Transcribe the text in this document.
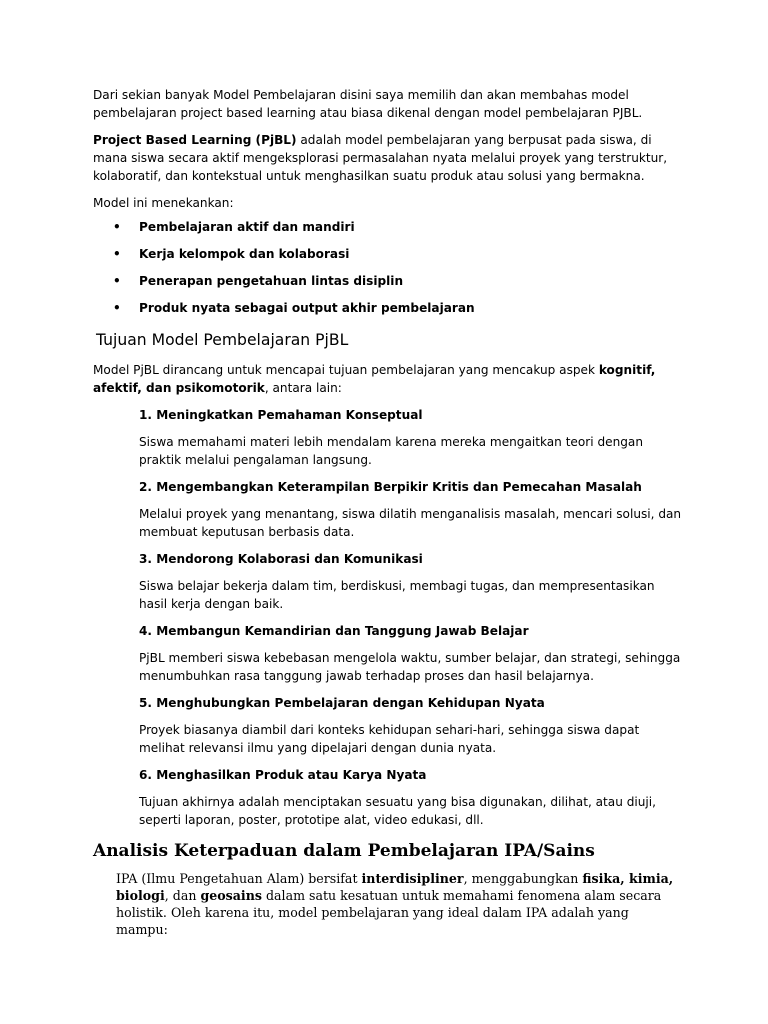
Dari sekian banyak Model Pembelajaran disini saya memilih dan akan membahas model pembelajaran project based learning atau biasa dikenal dengan model pembelajaran PJBL.

Project Based Learning (PjBL) adalah model pembelajaran yang berpusat pada siswa, di mana siswa secara aktif mengeksplorasi permasalahan nyata melalui proyek yang terstruktur, kolaboratif, dan kontekstual untuk menghasilkan suatu produk atau solusi yang bermakna.

Model ini menekankan:

• Pembelajaran aktif dan mandiri
• Kerja kelompok dan kolaborasi
• Penerapan pengetahuan lintas disiplin
• Produk nyata sebagai output akhir pembelajaran
Tujuan Model Pembelajaran PjBL

Model PjBL dirancang untuk mencapai tujuan pembelajaran yang mencakup aspek kognitif, afektif, dan psikomotorik, antara lain:

1. Meningkatkan Pemahaman Konseptual

Siswa memahami materi lebih mendalam karena mereka mengaitkan teori dengan praktik melalui pengalaman langsung.

2. Mengembangkan Keterampilan Berpikir Kritis dan Pemecahan Masalah

Melalui proyek yang menantang, siswa dilatih menganalisis masalah, mencari solusi, dan membuat keputusan berbasis data.

3. Mendorong Kolaborasi dan Komunikasi

Siswa belajar bekerja dalam tim, berdiskusi, membagi tugas, dan mempresentasikan hasil kerja dengan baik.

4. Membangun Kemandirian dan Tanggung Jawab Belajar

PjBL memberi siswa kebebasan mengelola waktu, sumber belajar, dan strategi, sehingga menumbuhkan rasa tanggung jawab terhadap proses dan hasil belajarnya.

5. Menghubungkan Pembelajaran dengan Kehidupan Nyata

Proyek biasanya diambil dari konteks kehidupan sehari-hari, sehingga siswa dapat melihat relevansi ilmu yang dipelajari dengan dunia nyata.

6. Menghasilkan Produk atau Karya Nyata

Tujuan akhirnya adalah menciptakan sesuatu yang bisa digunakan, dilihat, atau diuji, seperti laporan, poster, prototipe alat, video edukasi, dll.

Analisis Keterpaduan dalam Pembelajaran IPA/Sains

IPA (Ilmu Pengetahuan Alam) bersifat interdisipliner, menggabungkan fisika, kimia, biologi, dan geosains dalam satu kesatuan untuk memahami fenomena alam secara holistik. Oleh karena itu, model pembelajaran yang ideal dalam IPA adalah yang mampu:
